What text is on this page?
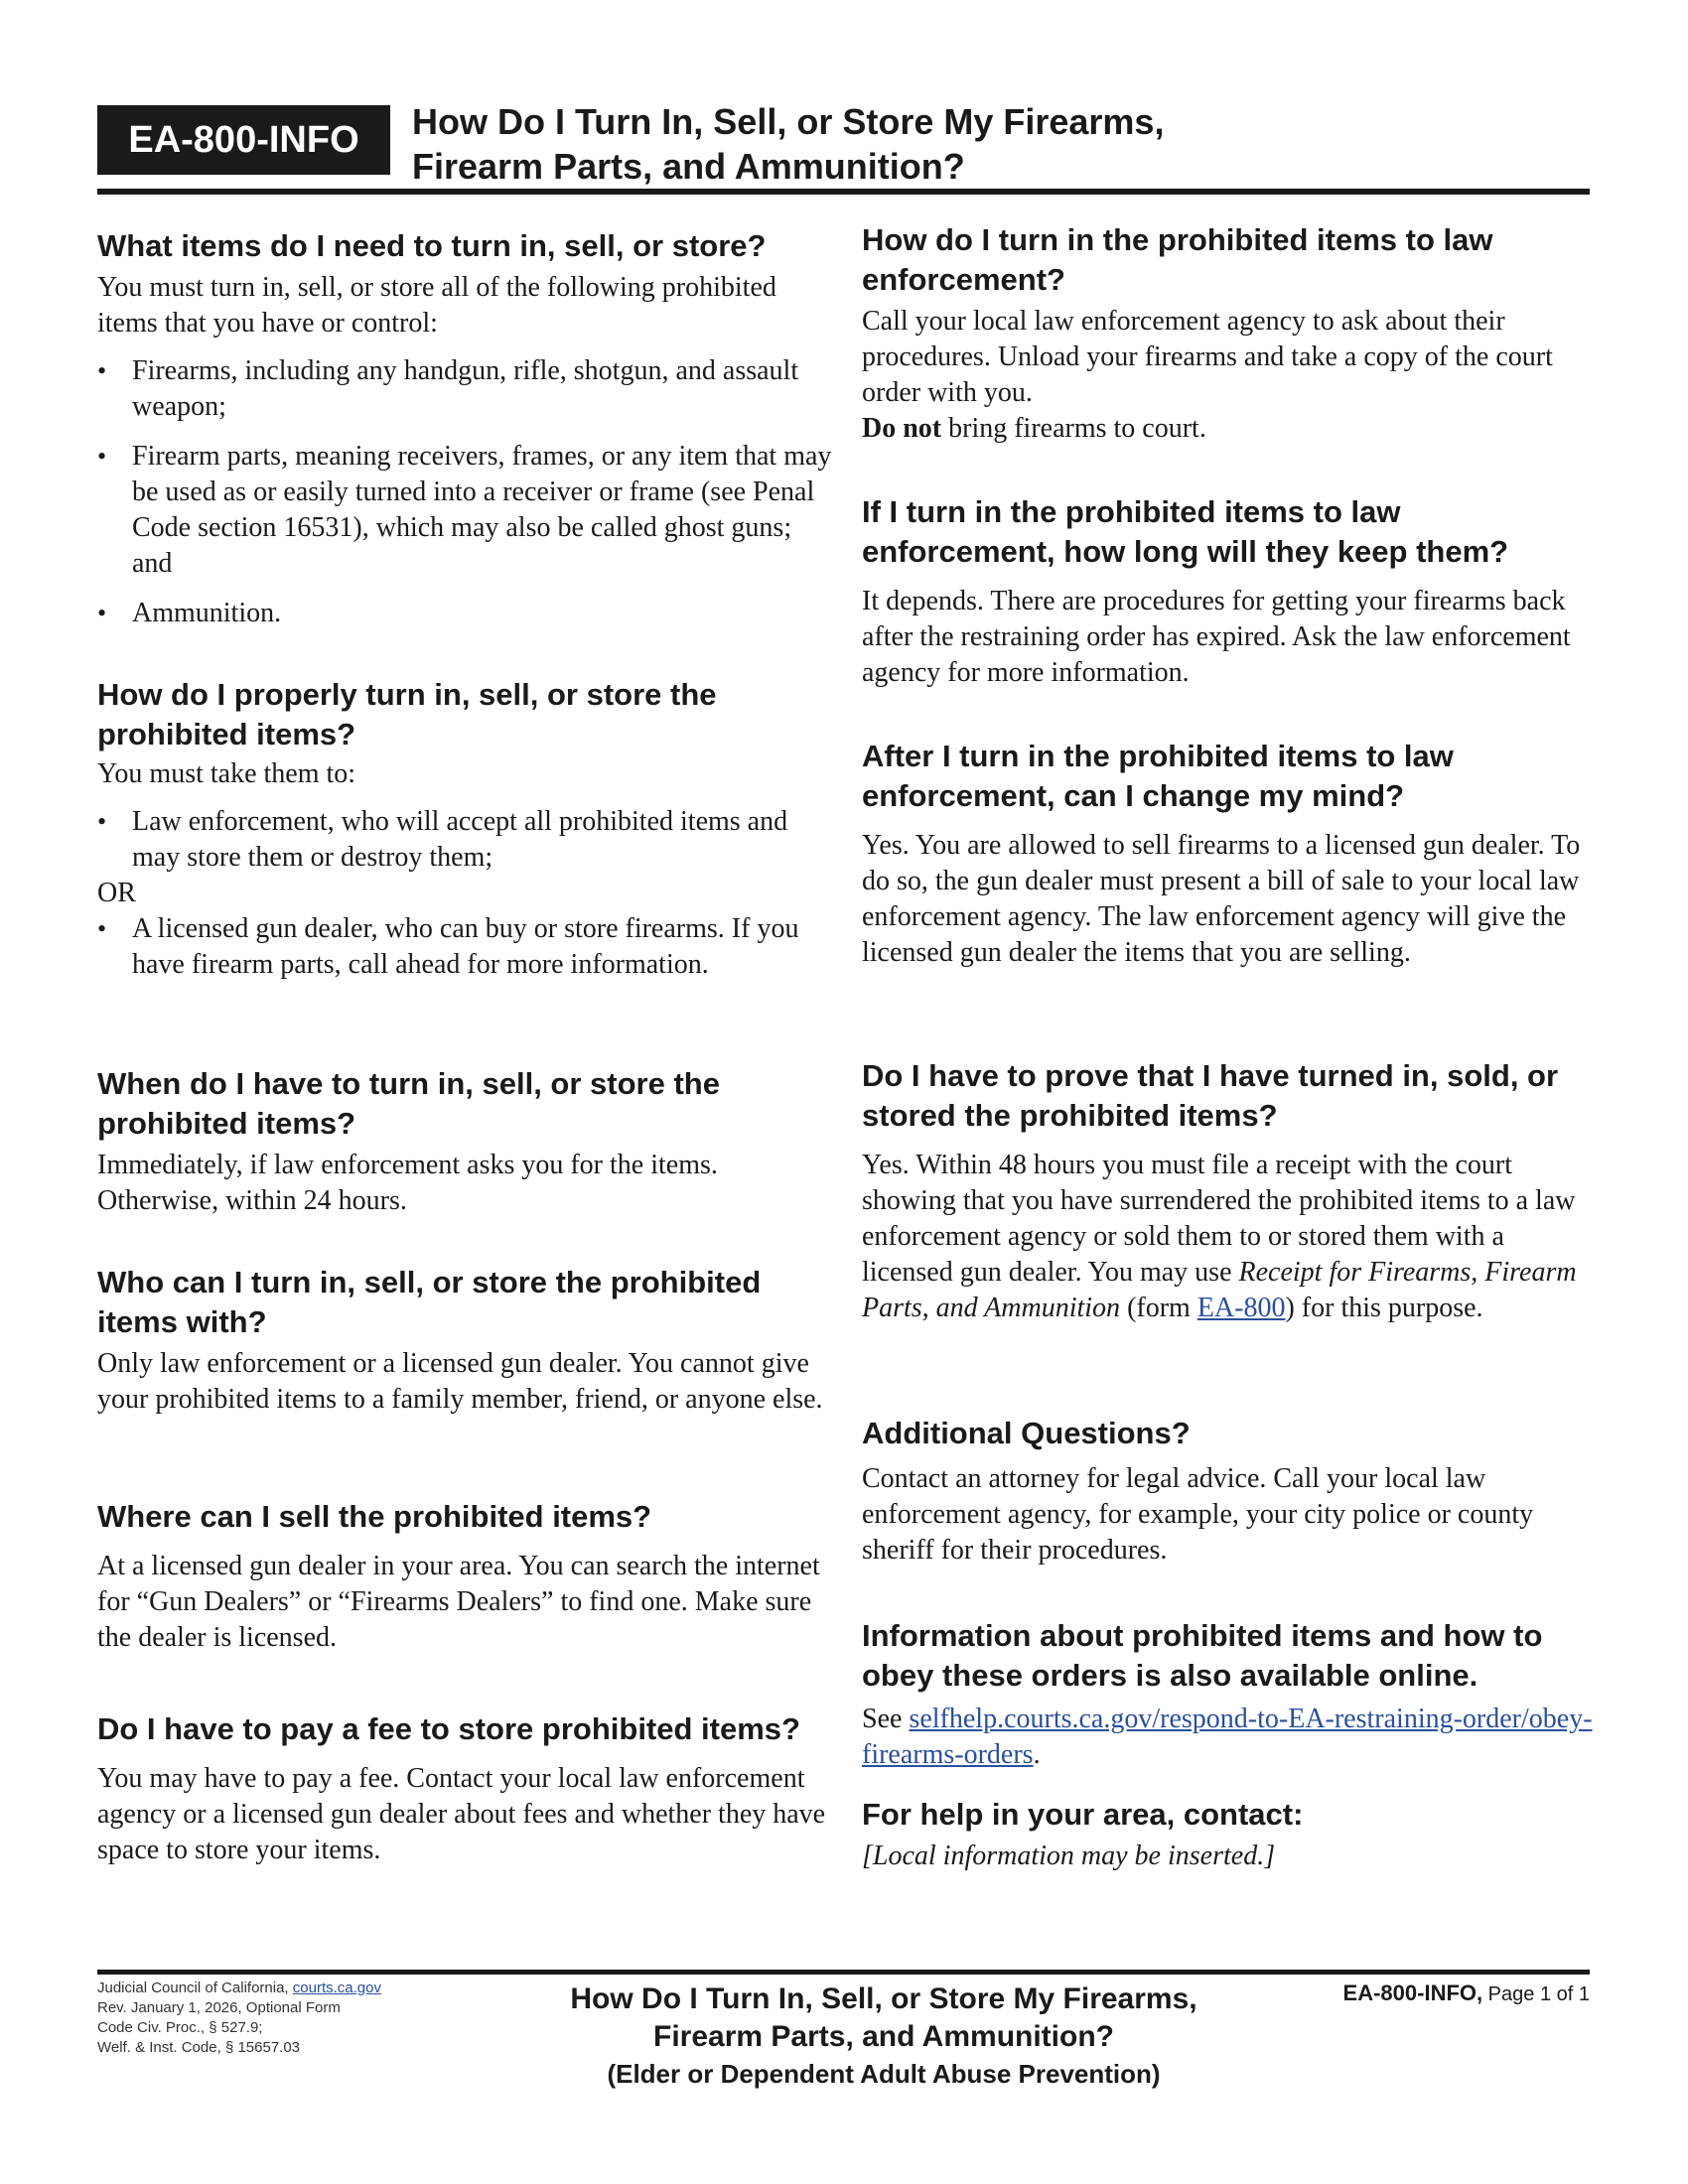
EA-800-INFO	How Do I Turn In, Sell, or Store My Firearms,
Firearm Parts, and Ammunition?

What items do I need to turn in, sell, or store?

You must turn in, sell, or store all of the following prohibited items that you have or control:

• Firearms, including any handgun, rifle, shotgun, and assault weapon;
• Firearm parts, meaning receivers, frames, or any item that may be used as or easily turned into a receiver or frame (see Penal Code section 16531), which may also be called ghost guns; and
• Ammunition.

How do I properly turn in, sell, or store the prohibited items?

You must take them to:

• Law enforcement, who will accept all prohibited items and may store them or destroy them;

OR

• A licensed gun dealer, who can buy or store firearms. If you have firearm parts, call ahead for more information.

When do I have to turn in, sell, or store the prohibited items?

Immediately, if law enforcement asks you for the items. Otherwise, within 24 hours.

Who can I turn in, sell, or store the prohibited items with?

Only law enforcement or a licensed gun dealer. You cannot give your prohibited items to a family member, friend, or anyone else.

Where can I sell the prohibited items?

At a licensed gun dealer in your area. You can search the internet for “Gun Dealers” or “Firearms Dealers” to find one. Make sure the dealer is licensed.

Do I have to pay a fee to store prohibited items?

You may have to pay a fee. Contact your local law enforcement agency or a licensed gun dealer about fees and whether they have space to store your items.

How do I turn in the prohibited items to law enforcement?

Call your local law enforcement agency to ask about their procedures. Unload your firearms and take a copy of the court order with you.

Do not bring firearms to court.

If I turn in the prohibited items to law enforcement, how long will they keep them?

It depends. There are procedures for getting your firearms back after the restraining order has expired. Ask the law enforcement agency for more information.

After I turn in the prohibited items to law enforcement, can I change my mind?

Yes. You are allowed to sell firearms to a licensed gun dealer. To do so, the gun dealer must present a bill of sale to your local law enforcement agency. The law enforcement agency will give the licensed gun dealer the items that you are selling.

Do I have to prove that I have turned in, sold, or stored the prohibited items?

Yes. Within 48 hours you must file a receipt with the court showing that you have surrendered the prohibited items to a law enforcement agency or sold them to or stored them with a licensed gun dealer. You may use Receipt for Firearms, Firearm Parts, and Ammunition (form EA-800) for this purpose.

Additional Questions?

Contact an attorney for legal advice. Call your local law enforcement agency, for example, your city police or county sheriff for their procedures.

Information about prohibited items and how to obey these orders is also available online.

See selfhelp.courts.ca.gov/respond-to-EA-restraining-order/obey-firearms-orders.

For help in your area, contact:

[Local information may be inserted.]

Judicial Council of California, courts.ca.gov
Rev. January 1, 2026, Optional Form
Code Civ. Proc., § 527.9;
Welf. & Inst. Code, § 15657.03
How Do I Turn In, Sell, or Store My Firearms,
Firearm Parts, and Ammunition?
(Elder or Dependent Adult Abuse Prevention)
EA-800-INFO, Page 1 of 1
